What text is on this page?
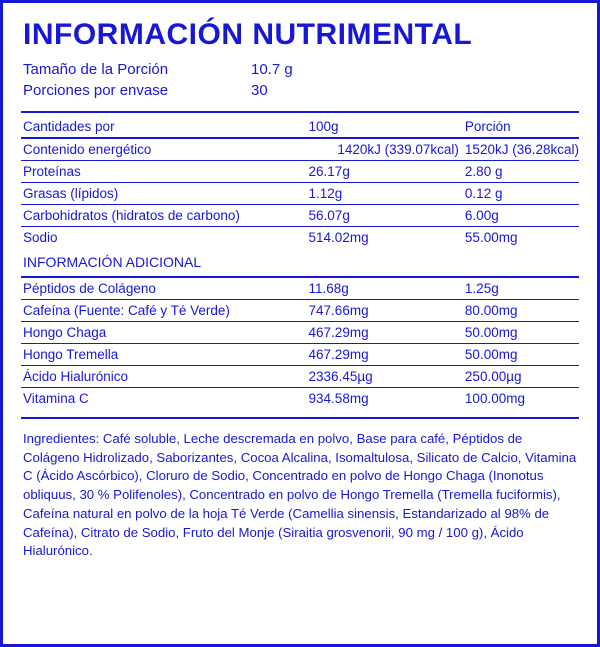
INFORMACIÓN NUTRIMENTAL
Tamaño de la Porción	10.7 g
Porciones por envase	30
Cantidades por	100g	Porción
Contenido energético	1420kJ (339.07kcal)	1520kJ (36.28kcal)
Proteínas	26.17g	2.80 g
Grasas (lípidos)	1.12g	0.12 g
Carbohidratos (hidratos de carbono)	56.07g	6.00g
Sodio	514.02mg	55.00mg
INFORMACIÓN ADICIONAL		
Péptidos de Colágeno	11.68g	1.25g
Cafeína (Fuente: Café y Té Verde)	747.66mg	80.00mg
Hongo Chaga	467.29mg	50.00mg
Hongo Tremella	467.29mg	50.00mg
Ácido Hialurónico	2336.45µg	250.00µg
Vitamina C	934.58mg	100.00mg
Ingredientes: Café soluble, Leche descremada en polvo, Base para café, Péptidos de Colágeno Hidrolizado, Saborizantes, Cocoa Alcalina, Isomaltulosa, Silicato de Calcio, Vitamina C (Ácido Ascórbico), Cloruro de Sodio, Concentrado en polvo de Hongo Chaga (Inonotus obliquus, 30 % Polifenoles), Concentrado en polvo de Hongo Tremella (Tremella fuciformis), Cafeína natural en polvo de la hoja Té Verde (Camellia sinensis, Estandarizado al 98% de Cafeína), Citrato de Sodio, Fruto del Monje (Siraitia grosvenorii, 90 mg / 100 g), Ácido Hialurónico.
